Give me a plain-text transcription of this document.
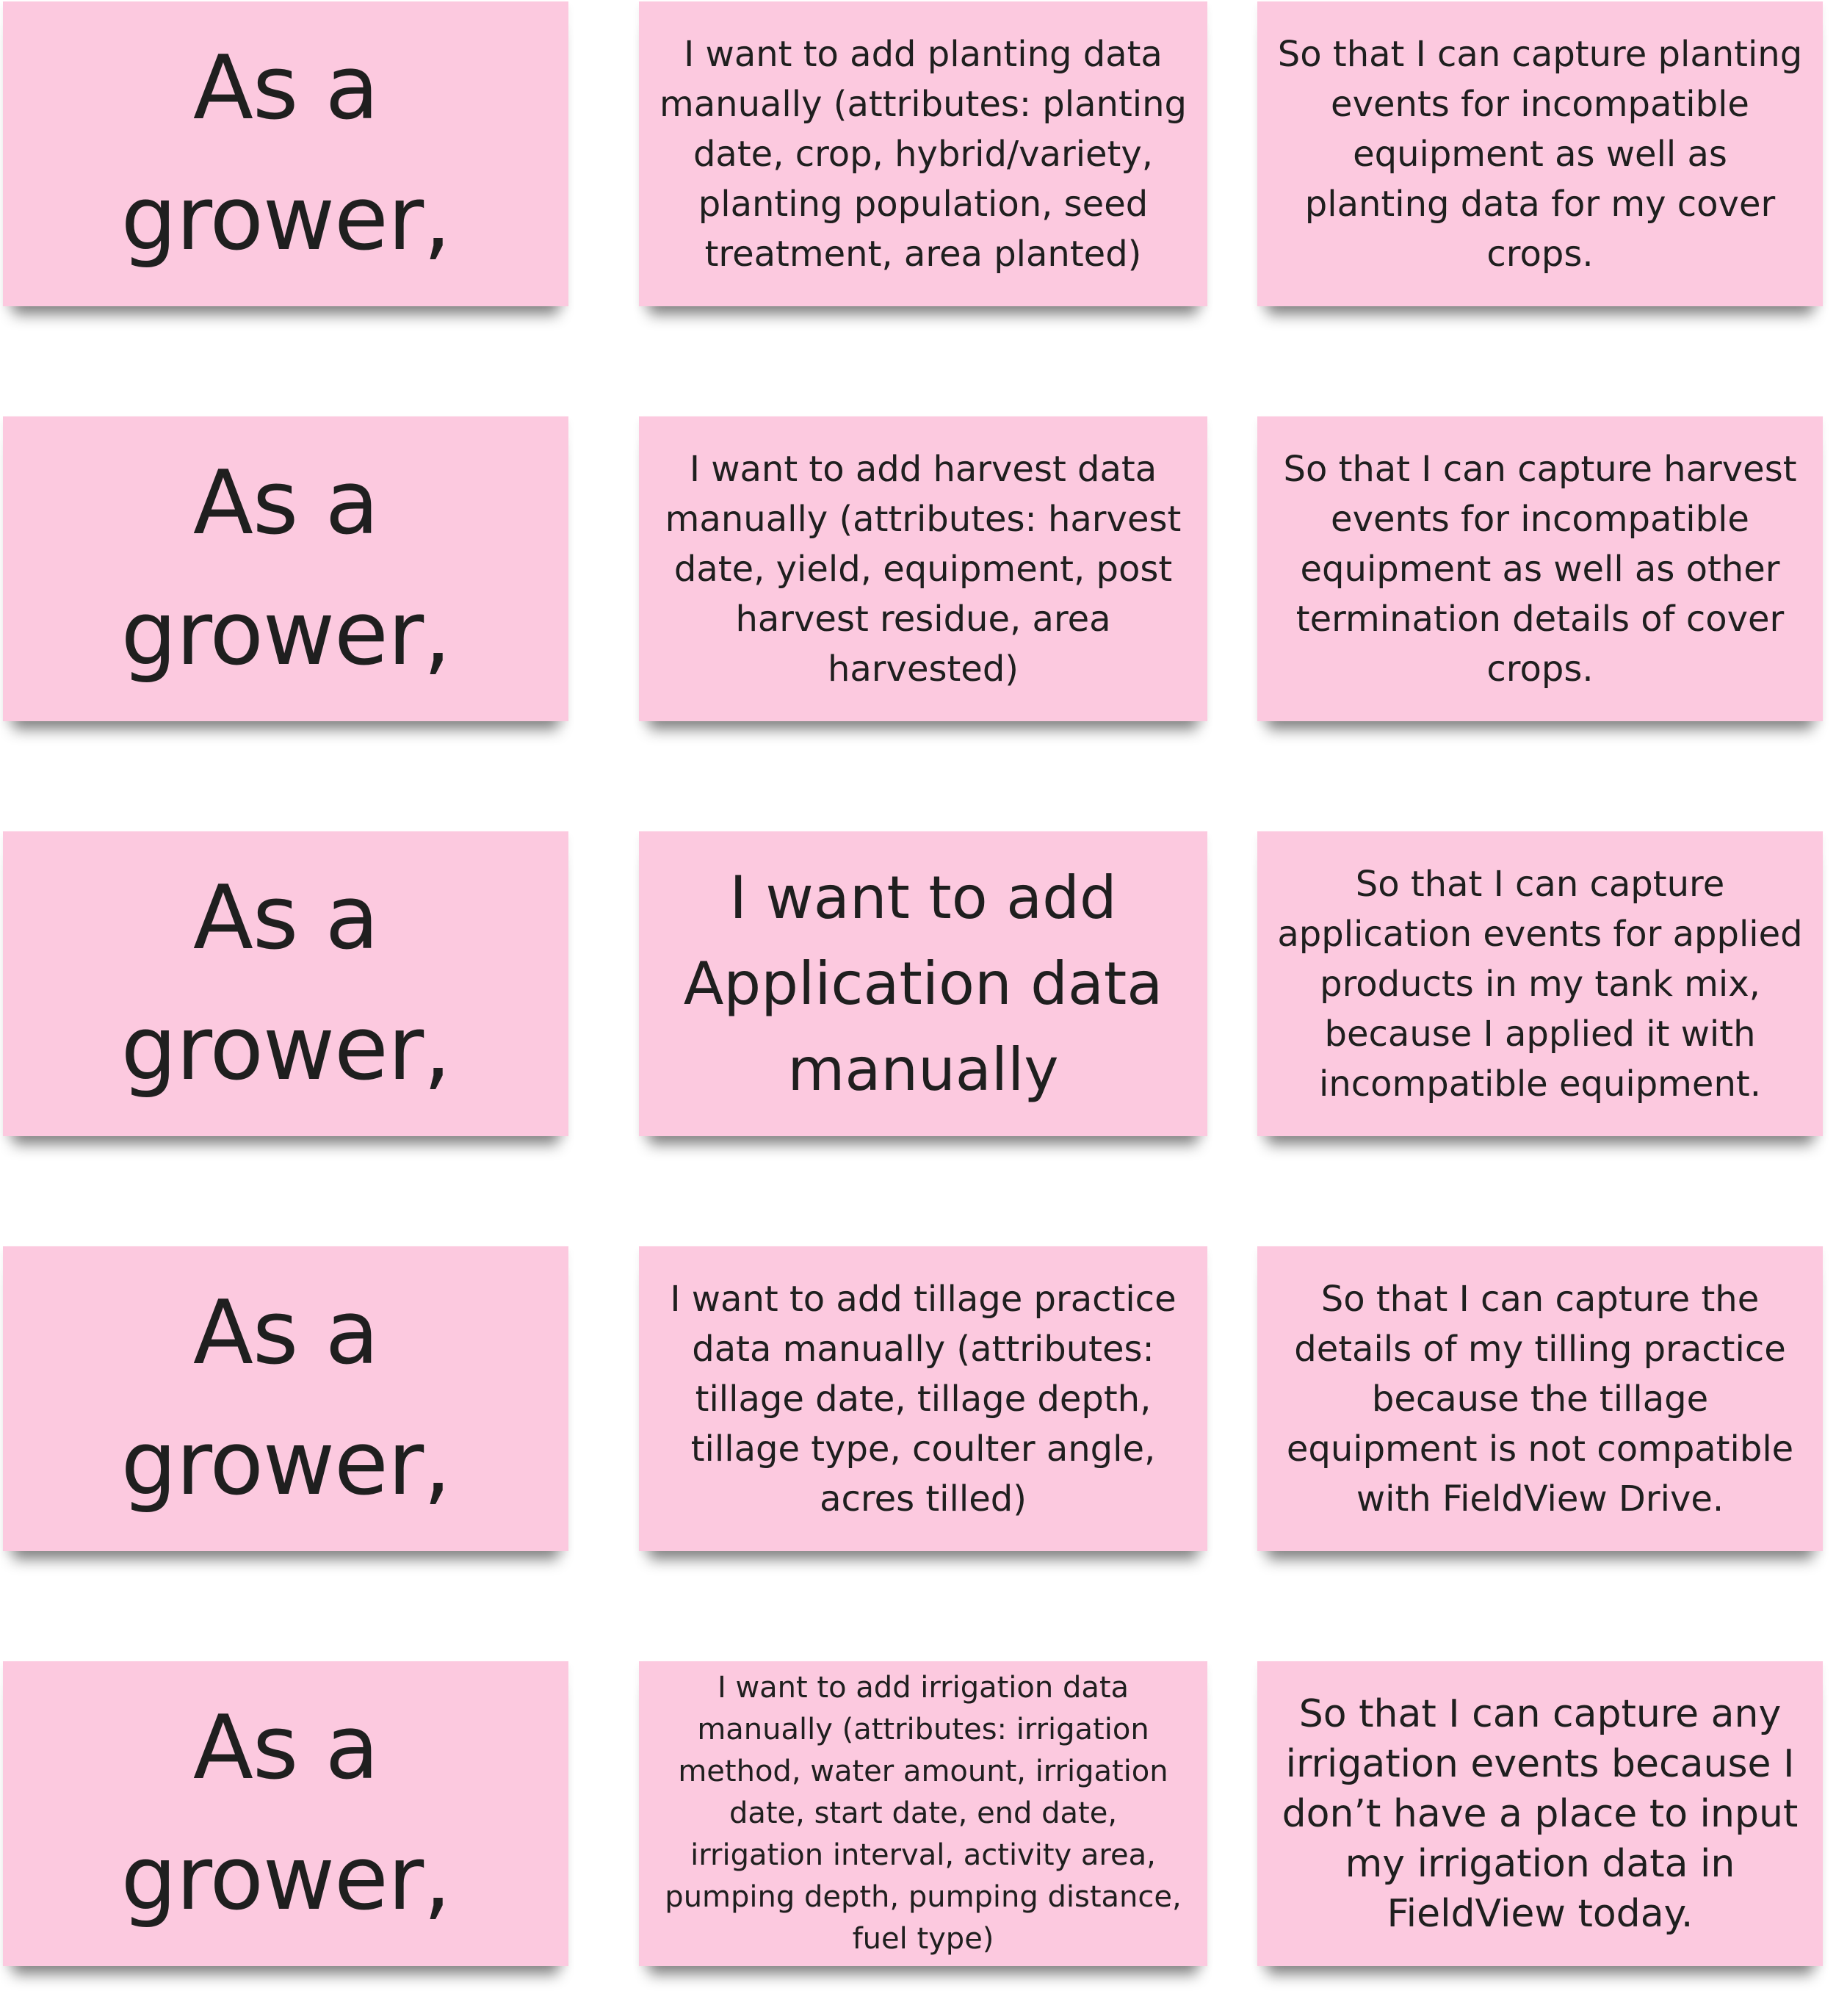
As a
grower,
I want to add planting data manually (attributes: planting date, crop, hybrid/variety, planting population, seed treatment, area planted)
So that I can capture planting events for incompatible equipment as well as planting data for my cover crops.
As a
grower,
I want to add harvest data manually (attributes: harvest date, yield, equipment, post harvest residue, area harvested)
So that I can capture harvest events for incompatible equipment as well as other termination details of cover crops.
As a
grower,
I want to add Application data manually
So that I can capture application events for applied products in my tank mix, because I applied it with incompatible equipment.
As a
grower,
I want to add tillage practice data manually (attributes: tillage date, tillage depth, tillage type, coulter angle, acres tilled)
So that I can capture the details of my tilling practice because the tillage equipment is not compatible with FieldView Drive.
As a
grower,
I want to add irrigation data manually (attributes: irrigation method, water amount, irrigation date, start date, end date, irrigation interval, activity area, pumping depth, pumping distance, fuel type)
So that I can capture any irrigation events because I don’t have a place to input my irrigation data in FieldView today.
